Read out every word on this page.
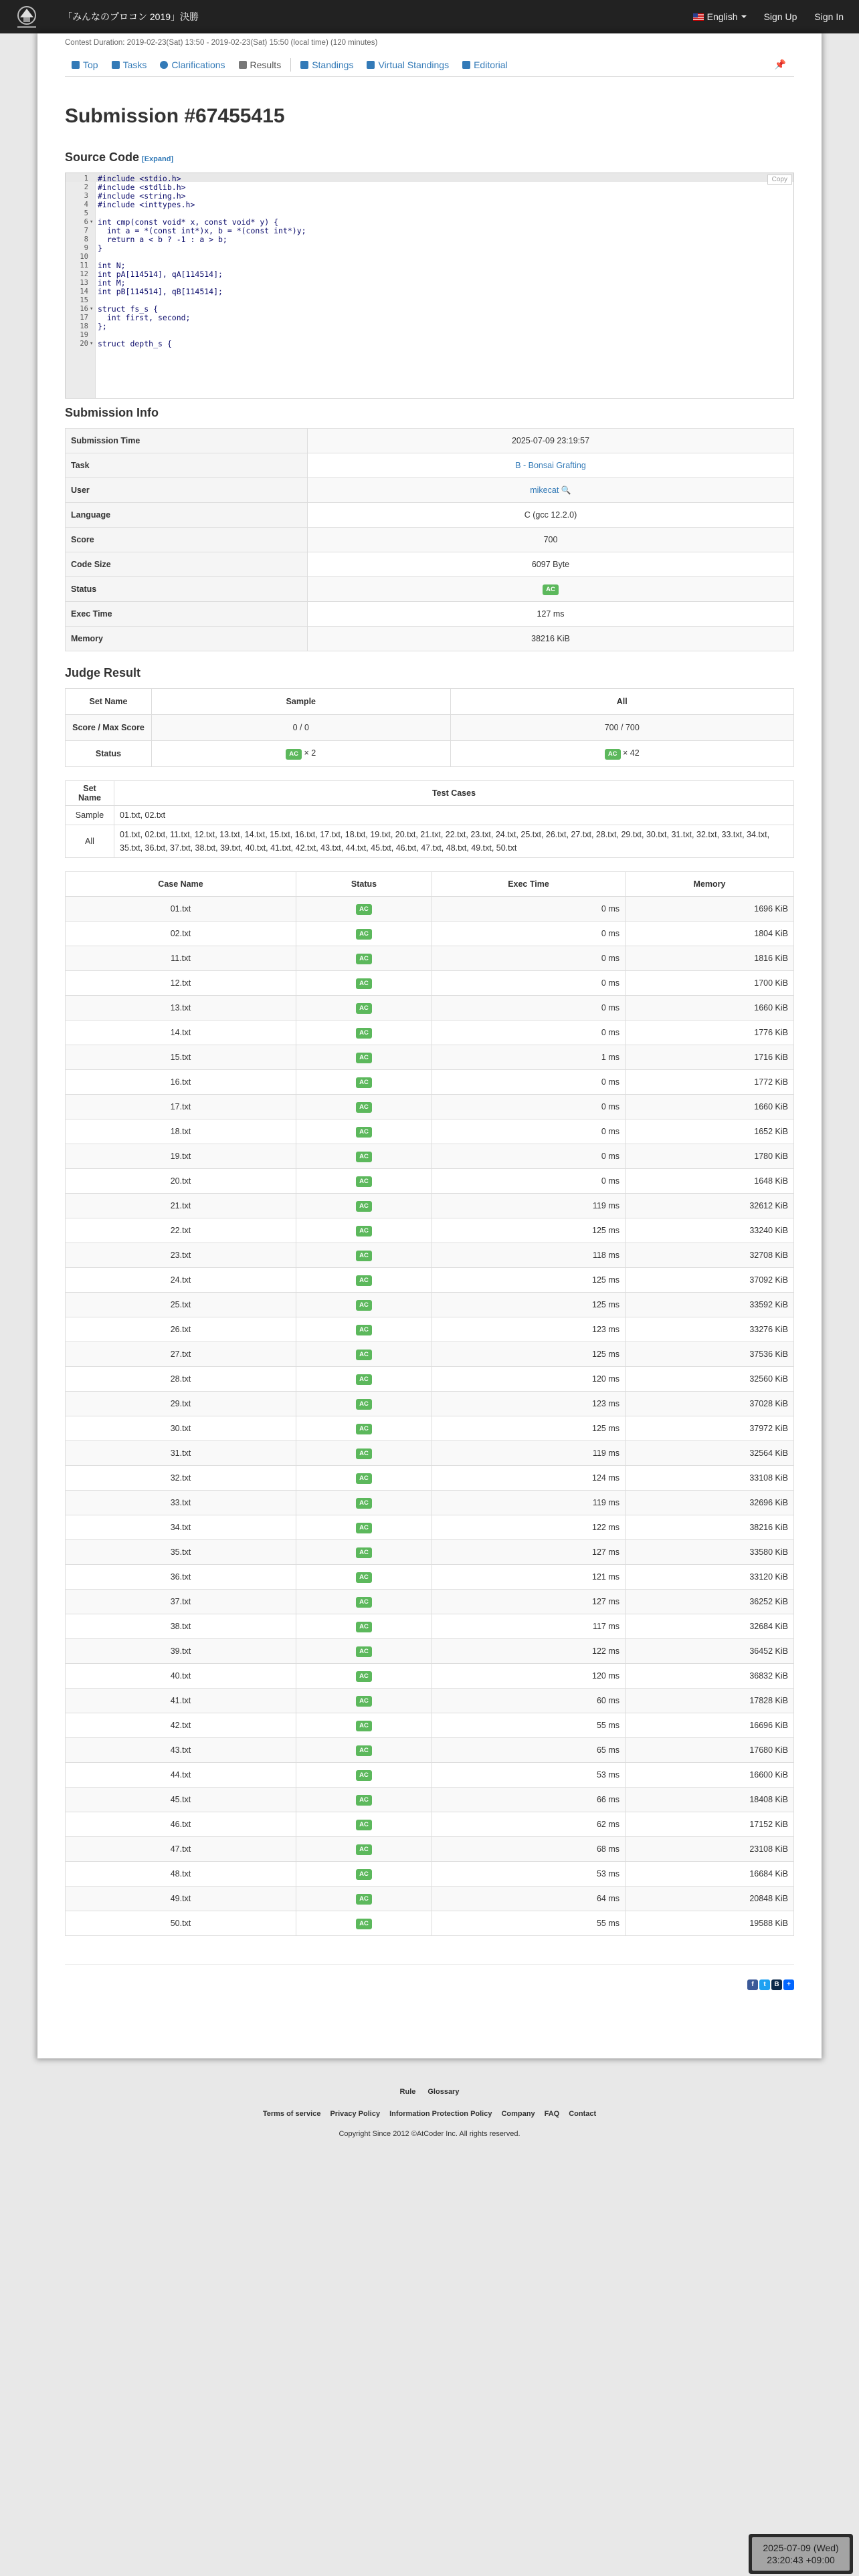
「みんなのプロコン 2019」決勝	English	Sign Up	Sign In
Contest Duration: 2019-02-23(Sat) 13:50 - 2019-02-23(Sat) 15:50 (local time) (120 minutes)
Top	Tasks	Clarifications	Results	Standings	Virtual Standings	Editorial	📌
Submission #67455415
Source Code [Expand]
1 #include <stdio.h>
2 #include <stdlib.h>
3 #include <string.h>
4 #include <inttypes.h>
5
6 ▾ int cmp(const void* x, const void* y) {
7 int a = *(const int*)x, b = *(const int*)y;
8 return a < b ? -1 : a > b;
9 }
10
11 int N;
12 int pA[114514], qA[114514];
13 int M;
14 int pB[114514], qB[114514];
15
16 ▾ struct fs_s {
17 int first, second;
18 };
19
20 ▾ struct depth_s {
Copy
Submission Info
Submission Time	2025-07-09 23:19:57
Task	B - Bonsai Grafting
User	mikecat 🔍
Language	C (gcc 12.2.0)
Score	700
Code Size	6097 Byte
Status	AC
Exec Time	127 ms
Memory	38216 KiB
Judge Result
Set Name	Sample	All
Score / Max Score	0 / 0	700 / 700
Status	AC × 2	AC × 42
Set Name	Test Cases
Sample	01.txt, 02.txt
All	01.txt, 02.txt, 11.txt, 12.txt, 13.txt, 14.txt, 15.txt, 16.txt, 17.txt, 18.txt, 19.txt, 20.txt, 21.txt, 22.txt, 23.txt, 24.txt, 25.txt, 26.txt, 27.txt, 28.txt, 29.txt, 30.txt, 31.txt, 32.txt, 33.txt, 34.txt, 35.txt, 36.txt, 37.txt, 38.txt, 39.txt, 40.txt, 41.txt, 42.txt, 43.txt, 44.txt, 45.txt, 46.txt, 47.txt, 48.txt, 49.txt, 50.txt
Case Name	Status	Exec Time	Memory
01.txt	AC	0 ms	1696 KiB
02.txt	AC	0 ms	1804 KiB
11.txt	AC	0 ms	1816 KiB
12.txt	AC	0 ms	1700 KiB
13.txt	AC	0 ms	1660 KiB
14.txt	AC	0 ms	1776 KiB
15.txt	AC	1 ms	1716 KiB
16.txt	AC	0 ms	1772 KiB
17.txt	AC	0 ms	1660 KiB
18.txt	AC	0 ms	1652 KiB
19.txt	AC	0 ms	1780 KiB
20.txt	AC	0 ms	1648 KiB
21.txt	AC	119 ms	32612 KiB
22.txt	AC	125 ms	33240 KiB
23.txt	AC	118 ms	32708 KiB
24.txt	AC	125 ms	37092 KiB
25.txt	AC	125 ms	33592 KiB
26.txt	AC	123 ms	33276 KiB
27.txt	AC	125 ms	37536 KiB
28.txt	AC	120 ms	32560 KiB
29.txt	AC	123 ms	37028 KiB
30.txt	AC	125 ms	37972 KiB
31.txt	AC	119 ms	32564 KiB
32.txt	AC	124 ms	33108 KiB
33.txt	AC	119 ms	32696 KiB
34.txt	AC	122 ms	38216 KiB
35.txt	AC	127 ms	33580 KiB
36.txt	AC	121 ms	33120 KiB
37.txt	AC	127 ms	36252 KiB
38.txt	AC	117 ms	32684 KiB
39.txt	AC	122 ms	36452 KiB
40.txt	AC	120 ms	36832 KiB
41.txt	AC	60 ms	17828 KiB
42.txt	AC	55 ms	16696 KiB
43.txt	AC	65 ms	17680 KiB
44.txt	AC	53 ms	16600 KiB
45.txt	AC	66 ms	18408 KiB
46.txt	AC	62 ms	17152 KiB
47.txt	AC	68 ms	23108 KiB
48.txt	AC	53 ms	16684 KiB
49.txt	AC	64 ms	20848 KiB
50.txt	AC	55 ms	19588 KiB
f	t	B	+
Rule Glossary
Terms of service Privacy Policy Information Protection Policy Company FAQ Contact
Copyright Since 2012 ©AtCoder Inc. All rights reserved.
2025-07-09 (Wed)
23:20:43 +09:00
